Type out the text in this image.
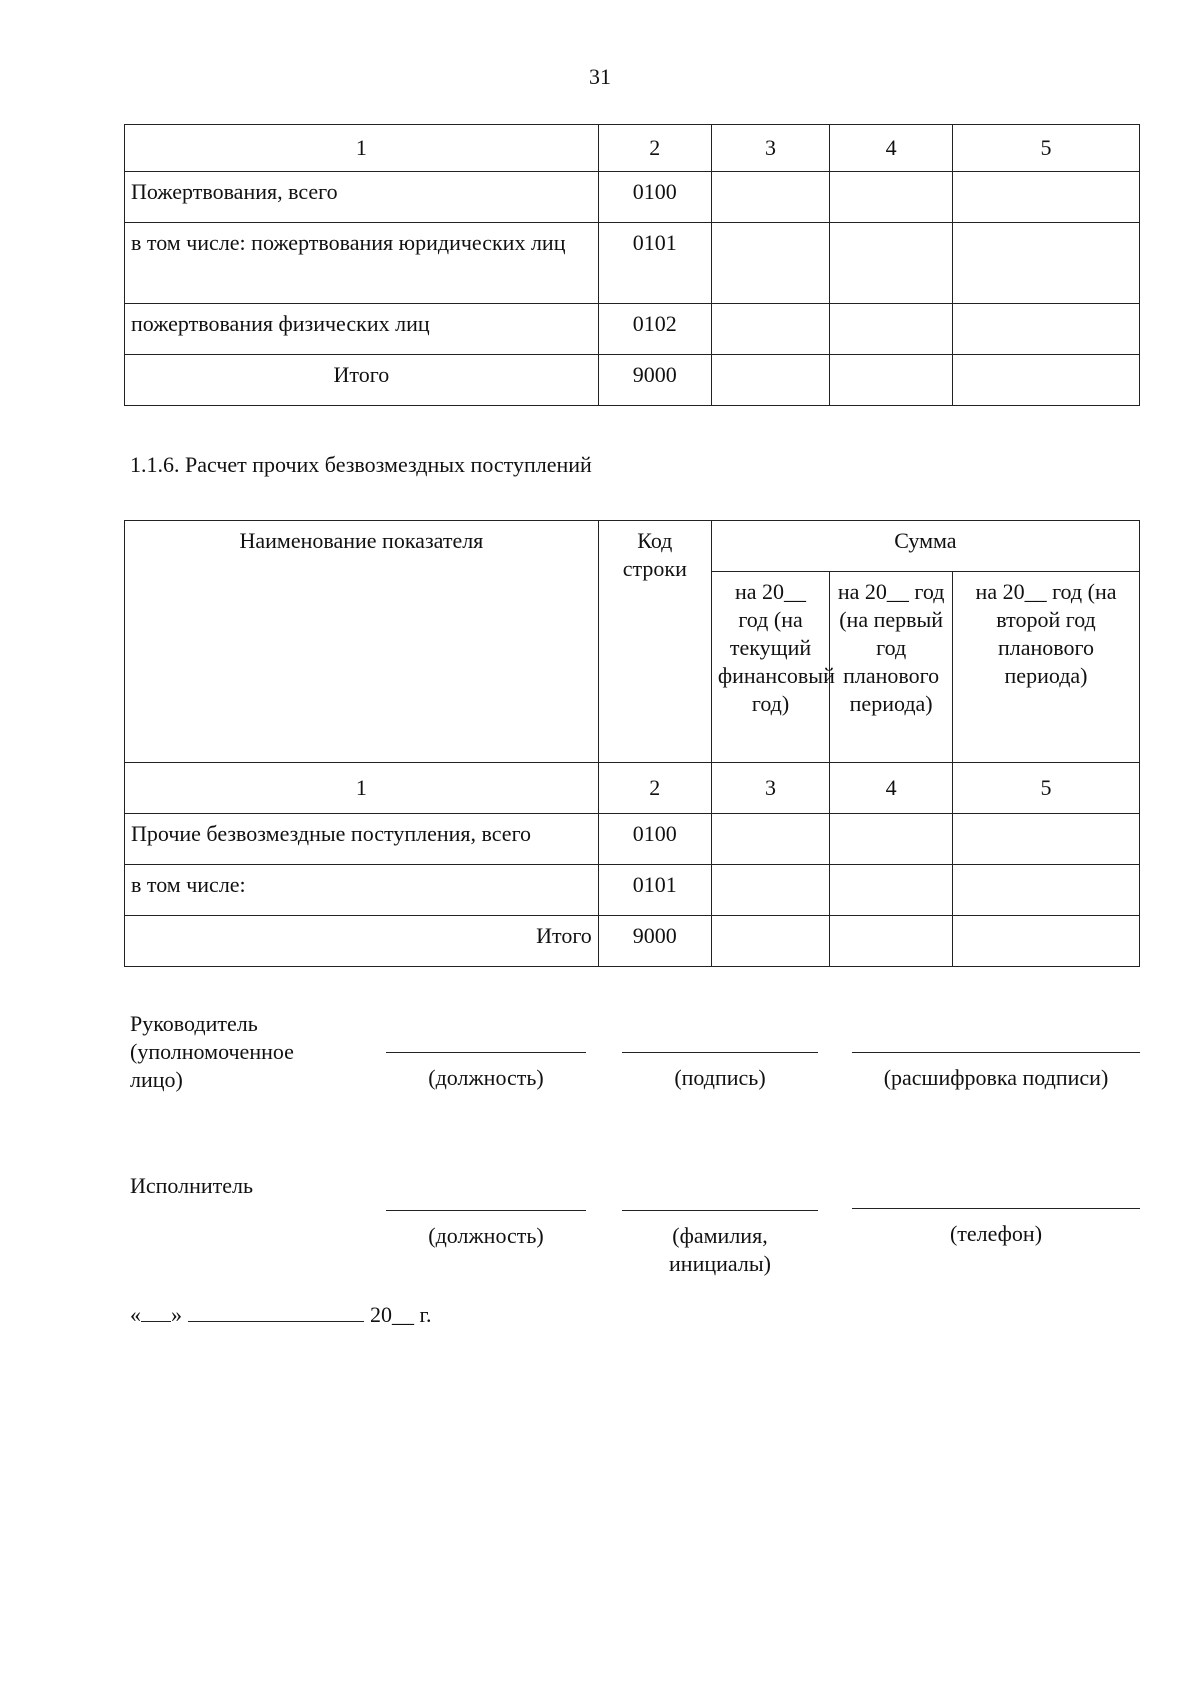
31
1	2	3	4	5
Пожертвования, всего	0100			
в том числе: пожертвования юридических лиц	0101			
пожертвования физических лиц	0102			
Итого	9000			
1.1.6. Расчет прочих безвозмездных поступлений
Наименование показателя	Код строки	Сумма		
		на 20__ год (на текущий финансовый год)	на 20__ год (на первый год планового периода)	на 20__ год (на второй год планового периода)
1	2	3	4	5
Прочие безвозмездные поступления, всего	0100			
в том числе:	0101			
Итого	9000			
Руководитель (уполномоченное лицо)	(должность)	(подпись)	(расшифровка подписи)
Исполнитель
(должность)	(фамилия, инициалы)
(телефон)
« »	20__ г.
